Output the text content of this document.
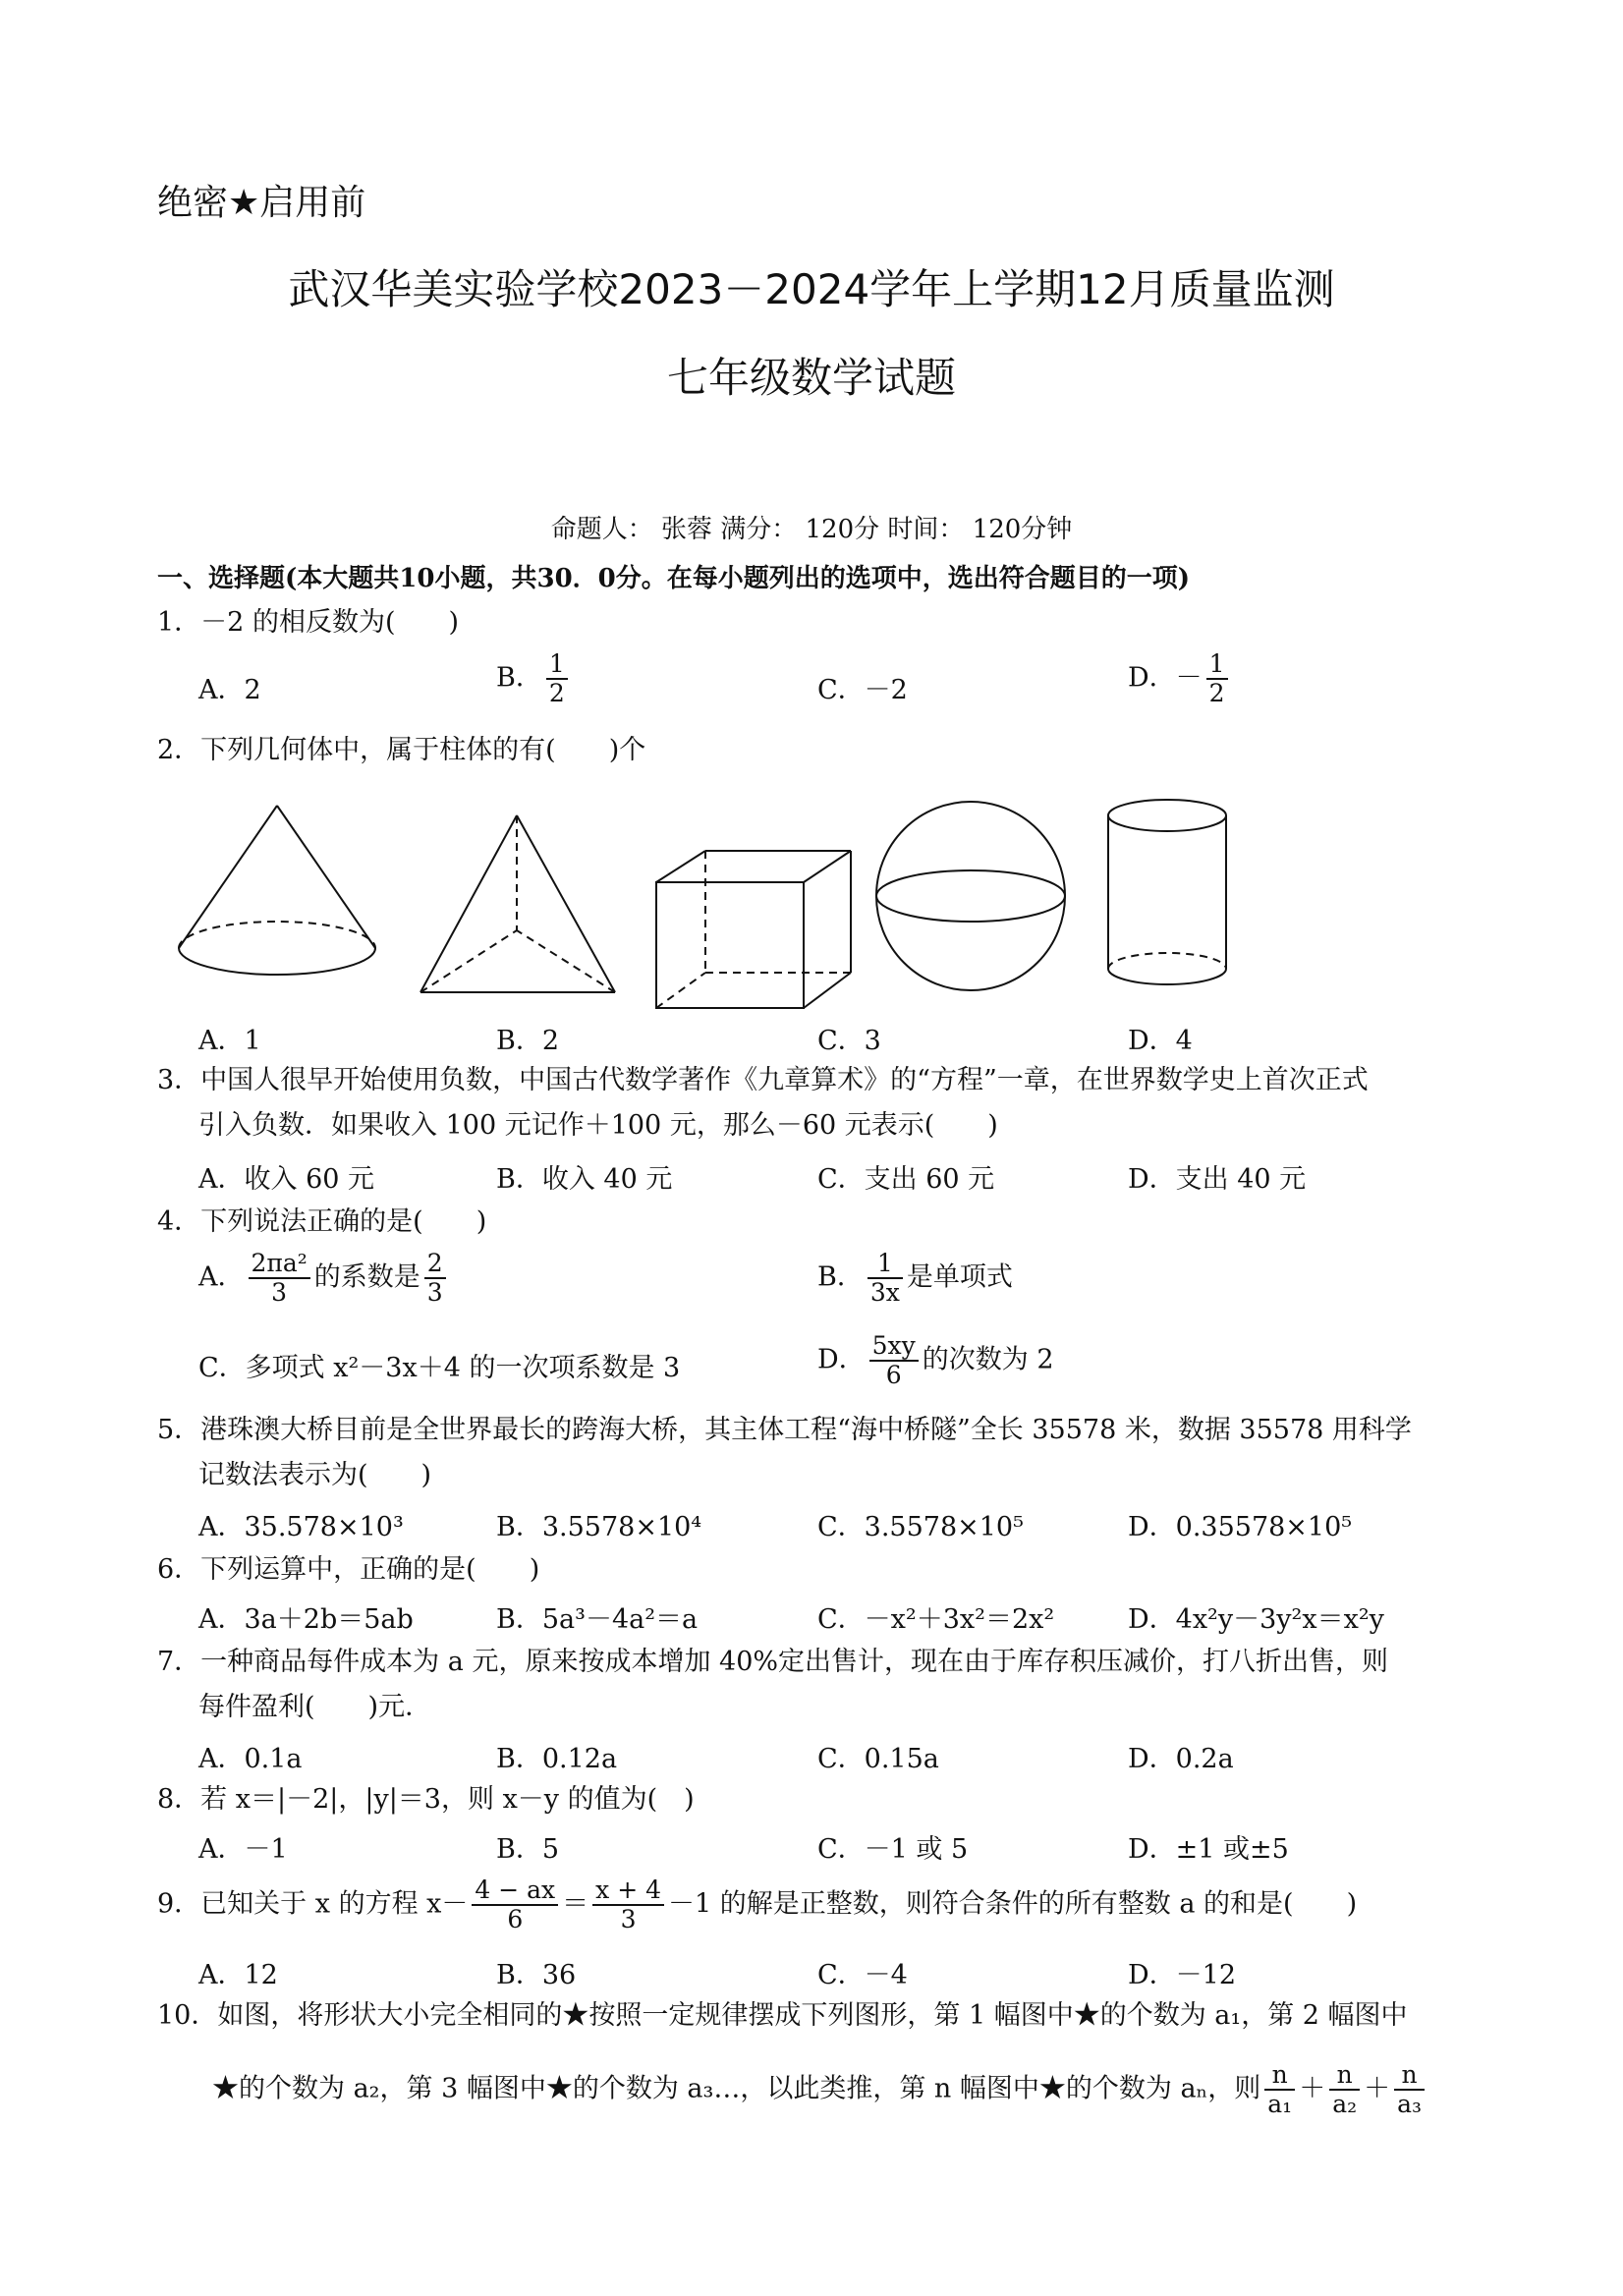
绝密★启用前
武汉华美实验学校2023－2024学年上学期12月质量监测
七年级数学试题
命题人： 张蓉 满分： 120分 时间： 120分钟
一、选择题(本大题共10小题，共30．0分。在每小题列出的选项中，选出符合题目的一项)
1．－2 的相反数为(　　)
A．2	B． $\frac{1}{2}$	C．－2	D．－ $\frac{1}{2}$
2．下列几何体中，属于柱体的有(　　)个
A．1	B．2	C．3	D．4
3．中国人很早开始使用负数，中国古代数学著作《九章算术》的“方程”一章，在世界数学史上首次正式
引入负数．如果收入 100 元记作＋100 元，那么－60 元表示(　　)
A．收入 60 元	B．收入 40 元	C．支出 60 元	D．支出 40 元
4．下列说法正确的是(　　)
A． $\frac{\text{2πa²}}{3}$ 的系数是 $\frac{2}{3}$	B． $\frac{1}{3x}$ 是单项式
C．多项式 x²－3x＋4 的一次项系数是 3	D． $\frac{5xy}{6}$ 的次数为 2
5．港珠澳大桥目前是全世界最长的跨海大桥，其主体工程“海中桥隧”全长 35578 米，数据 35578 用科学
记数法表示为(　　)
A．35.578×10³	B．3.5578×10⁴	C．3.5578×10⁵	D．0.35578×10⁵
6．下列运算中，正确的是(　　)
A．3a＋2b＝5ab	B．5a³－4a²＝a	C．－x²＋3x²＝2x²	D．4x²y－3y²x＝x²y
7．一种商品每件成本为 a 元，原来按成本增加 40%定出售计，现在由于库存积压减价，打八折出售，则
每件盈利(　　)元．
A．0.1a	B．0.12a	C．0.15a	D．0.2a
8．若 x＝|－2|，|y|＝3，则 x－y 的值为(　)
A．－1	B．5	C．－1 或 5	D．±1 或±5
9．已知关于 x 的方程 $x- \frac{4 - ax}{6} = \frac{x + 4}{3} -1$ 的解是正整数，则符合条件的所有整数 a 的和是(　　)
A．12	B．36	C．－4	D．－12
10．如图，将形状大小完全相同的★按照一定规律摆成下列图形，第 1 幅图中★的个数为 a₁，第 2 幅图中
★的个数为 a₂，第 3 幅图中★的个数为 a₃…，以此类推，第 n 幅图中★的个数为 aₙ，则 $\frac{n}{\text{a₁}} + \frac{n}{\text{a₂}} + \frac{n}{\text{a₃}}$
